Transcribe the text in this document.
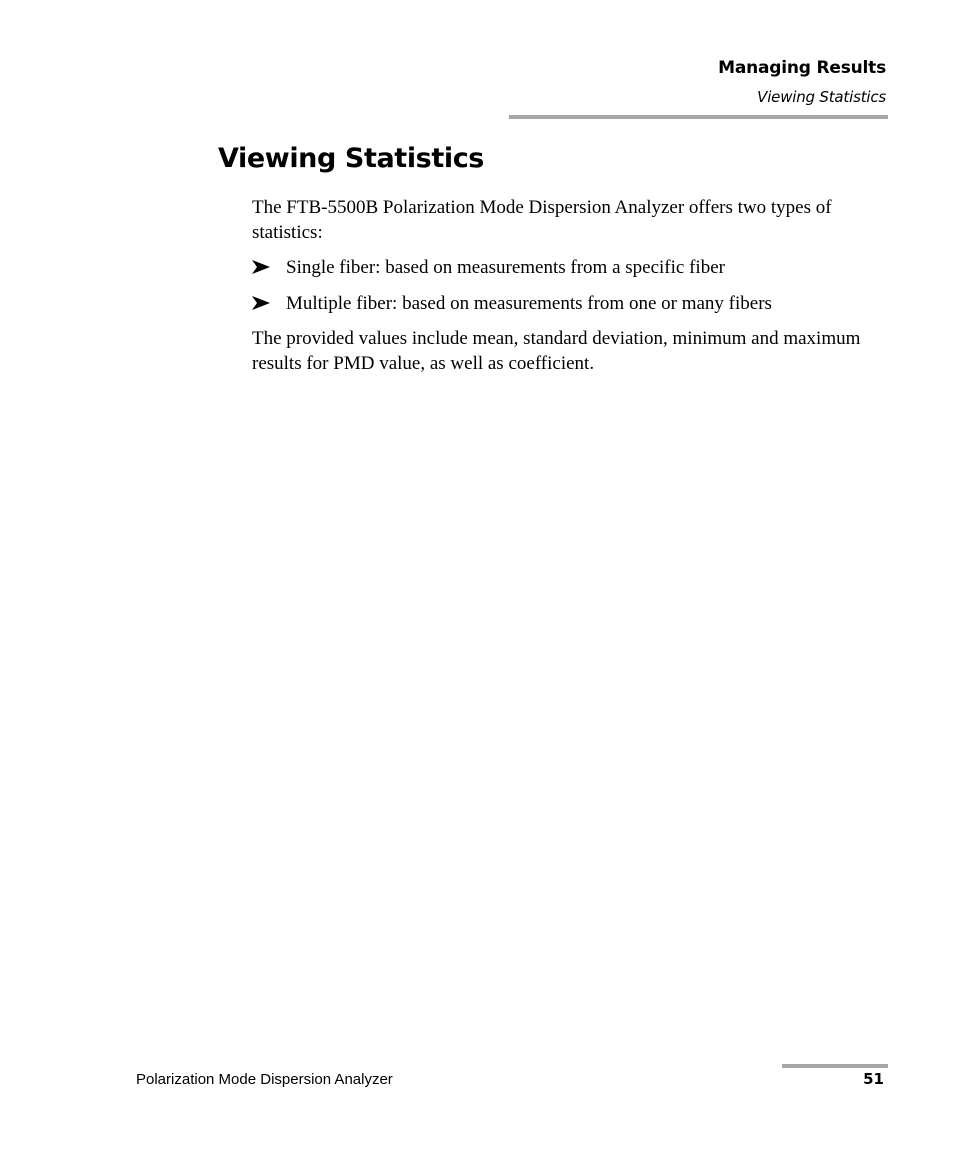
Managing Results
Viewing Statistics
Viewing Statistics

The FTB-5500B Polarization Mode Dispersion Analyzer offers two types of statistics:

Single fiber: based on measurements from a specific fiber
Multiple fiber: based on measurements from one or many fibers

The provided values include mean, standard deviation, minimum and maximum results for PMD value, as well as coefficient.

Polarization Mode Dispersion Analyzer	51
